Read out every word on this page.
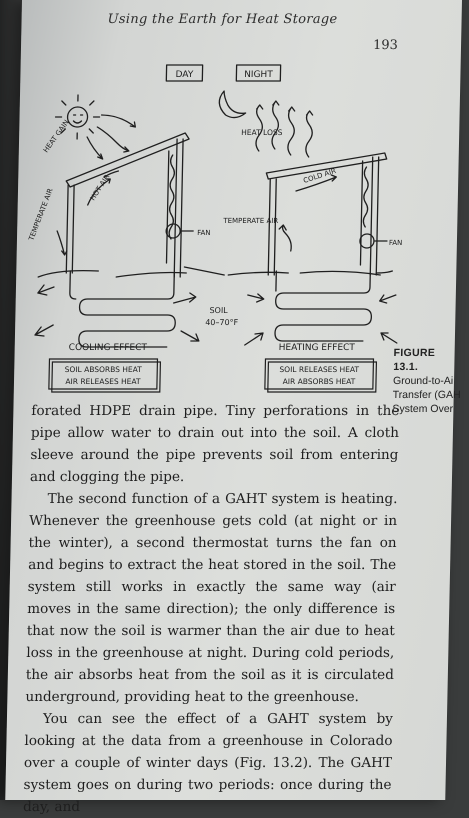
Using the Earth for Heat Storage
193
DAY	NIGHT
HEAT GAIN	HEAT LOSS
HOT AIR
TEMPERATE AIR	FAN
COLD AIR
TEMPERATE AIR
FAN
SOIL
40–70°F
COOLING EFFECT	HEATING EFFECT
SOIL ABSORBS HEAT
AIR RELEASES HEAT
SOIL RELEASES HEAT
AIR ABSORBS HEAT
FIGURE 13.1.
Ground-to-Ai
Transfer (GAH
System Over

forated HDPE drain pipe. Tiny perforations in the pipe allow water to drain out into the soil. A cloth sleeve around the pipe prevents soil from entering and clogging the pipe.

The second function of a GAHT system is heating. Whenever the greenhouse gets cold (at night or in the winter), a second thermostat turns the fan on and begins to extract the heat stored in the soil. The system still works in exactly the same way (air moves in the same direction); the only difference is that now the soil is warmer than the air due to heat loss in the greenhouse at night. During cold periods, the air absorbs heat from the soil as it is circulated underground, providing heat to the greenhouse.

You can see the effect of a GAHT system by looking at the data from a greenhouse in Colorado over a couple of winter days (Fig. 13.2). The GAHT system goes on during two periods: once during the day, and
